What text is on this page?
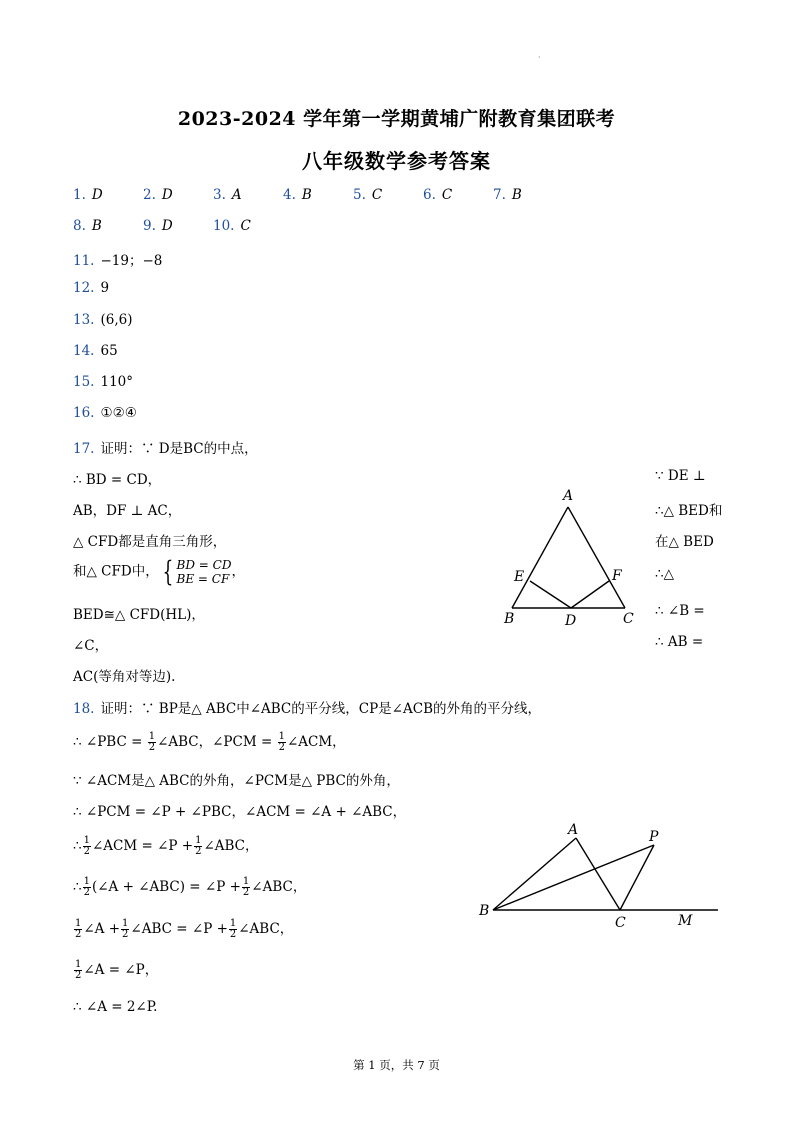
·
2023-2024 学年第一学期黄埔广附教育集团联考
八年级数学参考答案
1. D	2. D	3. A	4. B	5. C	6. C	7. B
8. B	9. D	10. C
11. −19；−8
12. 9
13. (6,6)
14. 65
15. 110°
16. ①②④
17. 证明：∵ D是BC的中点，
∴ BD = CD，
AB，DF ⊥ AC，
△ CFD都是直角三角形，
和△ CFD中， { BD = CD
BE = CF ，
BED≅△ CFD(HL)，
∠C，
AC(等角对等边).
∵ DE ⊥
∴△ BED和
在△ BED
∴△
∴ ∠B =
∴ AB =
A
B	C
D
E	F
18. 证明：∵ BP是△ ABC中∠ABC的平分线，CP是∠ACB的外角的平分线，
∴ ∠PBC = $\frac{1}{2}$ ∠ABC，∠PCM = $\frac{1}{2}$ ∠ACM，
∵ ∠ACM是△ ABC的外角，∠PCM是△ PBC的外角，
∴ ∠PCM = ∠P + ∠PBC，∠ACM = ∠A + ∠ABC，
∴ $\frac{1}{2}$ ∠ACM = ∠P + $\frac{1}{2}$ ∠ABC，
∴ $\frac{1}{2}$ (∠A + ∠ABC) = ∠P + $\frac{1}{2}$ ∠ABC，
$\frac{1}{2}$ ∠A + $\frac{1}{2}$ ∠ABC = ∠P + $\frac{1}{2}$ ∠ABC，
$\frac{1}{2}$ ∠A = ∠P，
∴ ∠A = 2∠P.
A	P
B
C	M
第 1 页，共 7 页
